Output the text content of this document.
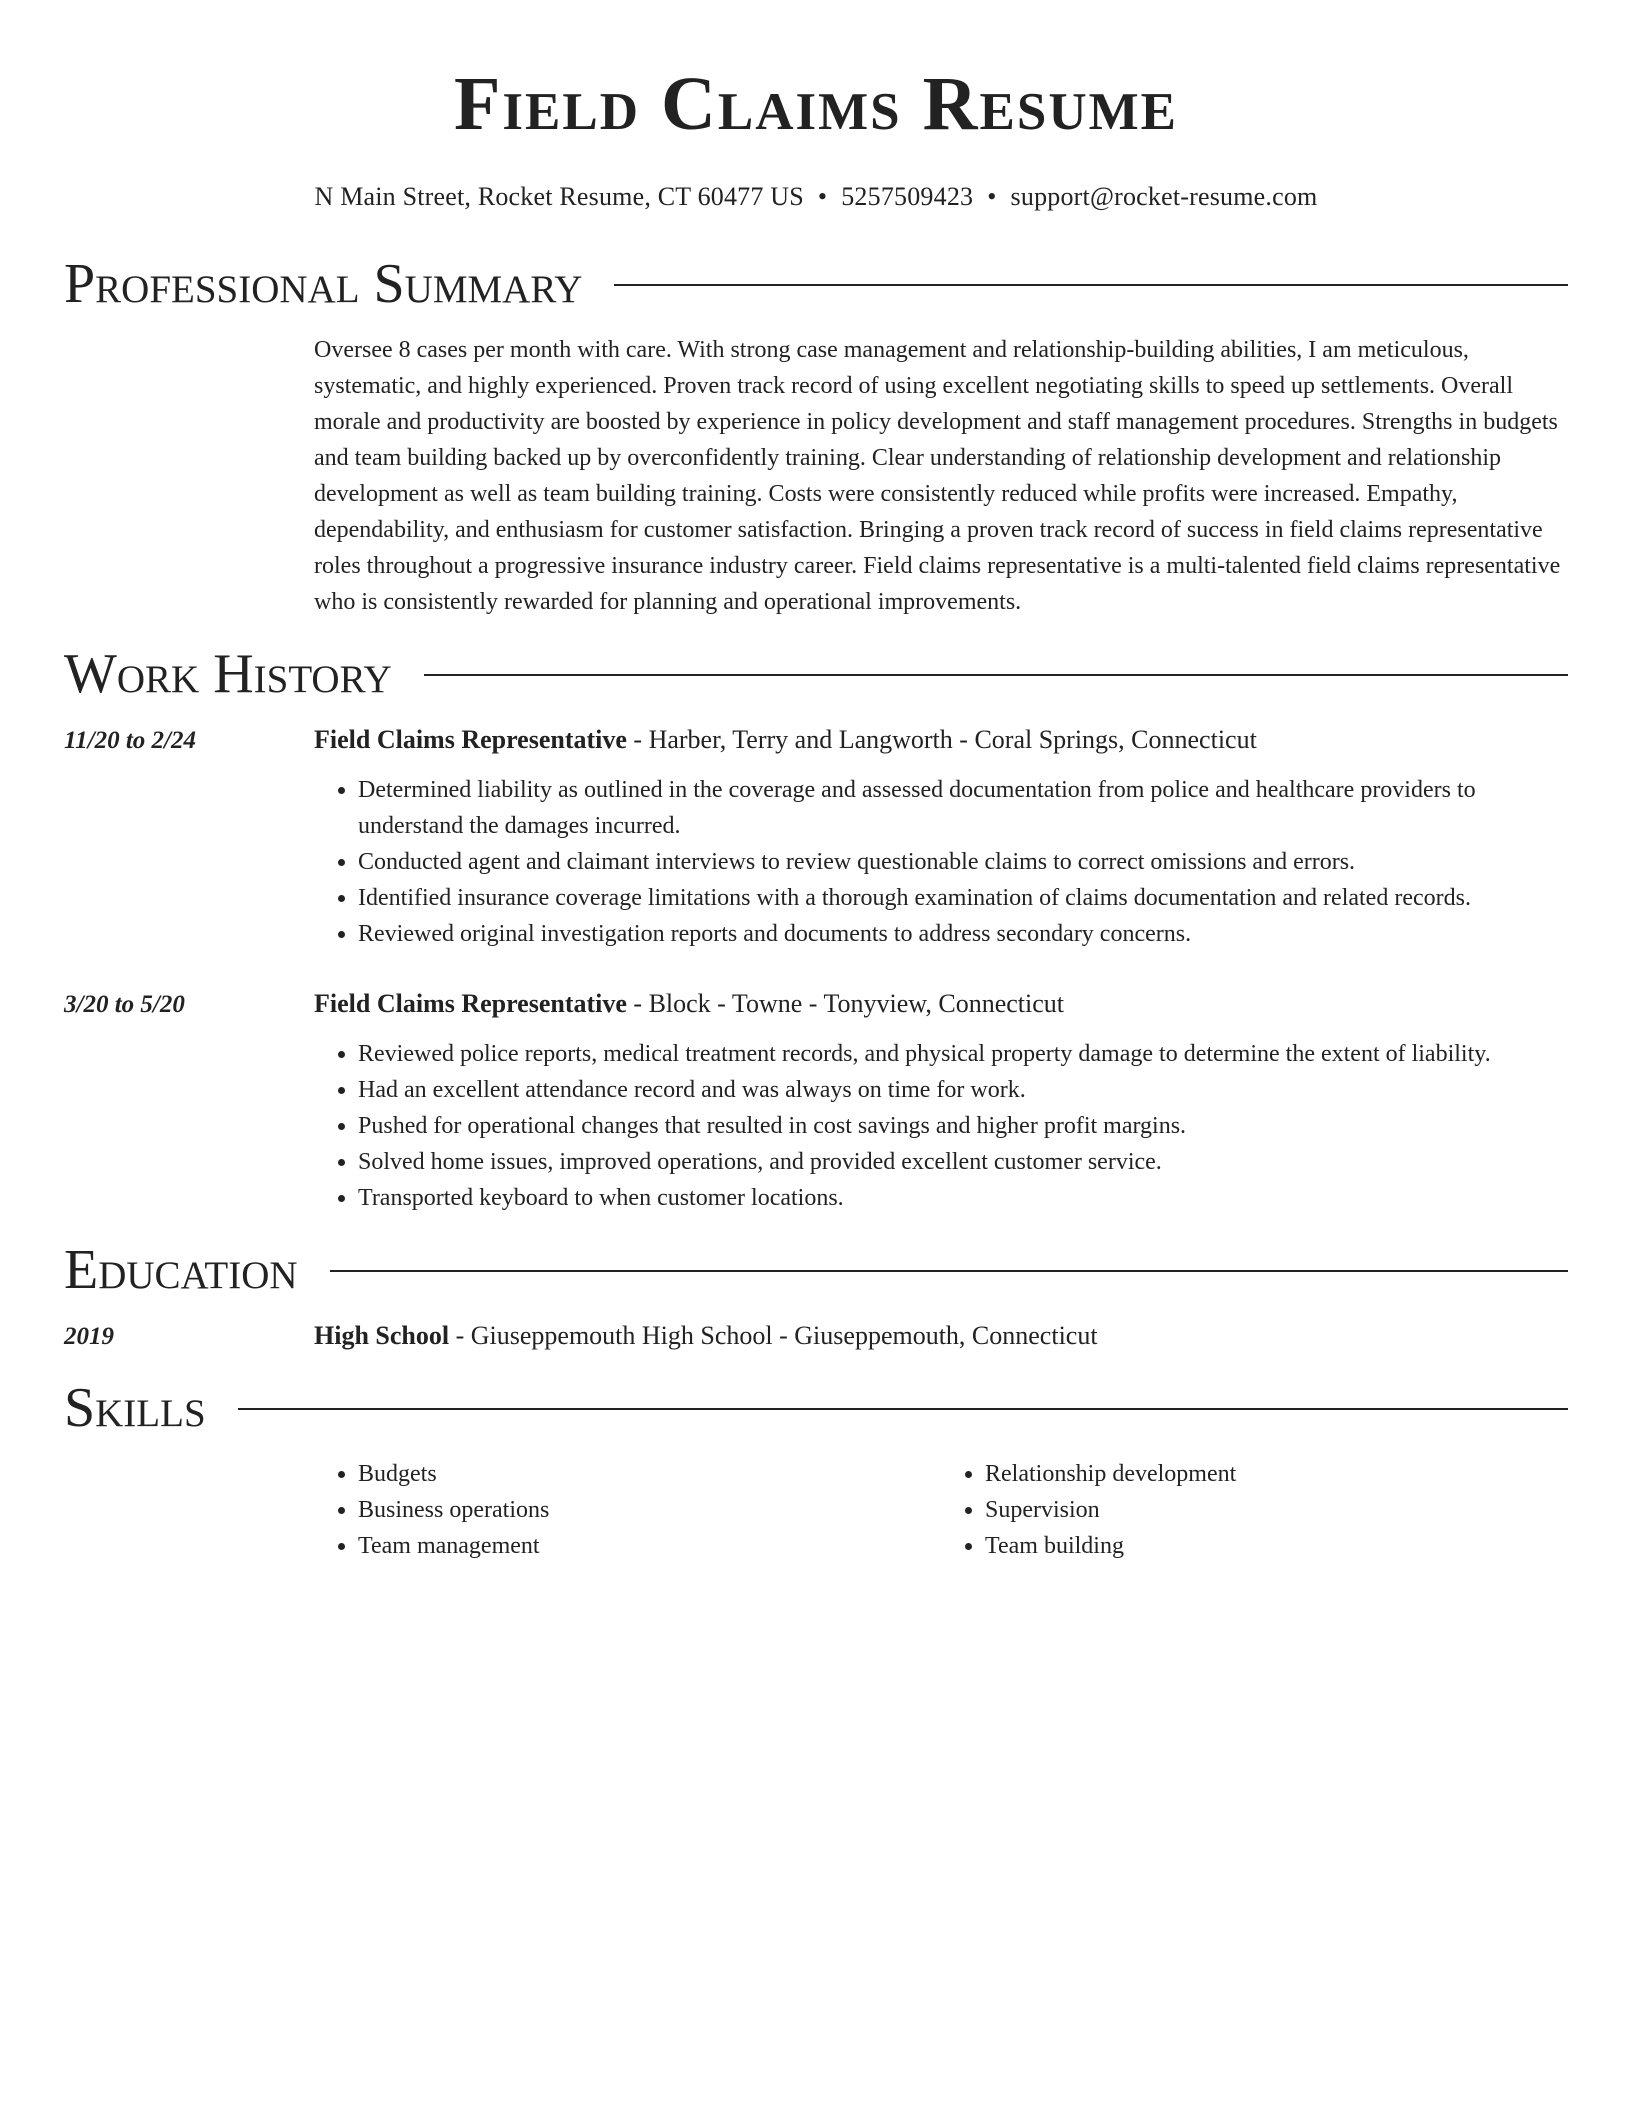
Field Claims Resume
N Main Street, Rocket Resume, CT 60477 US • 5257509423 • support@rocket-resume.com
Professional Summary
Oversee 8 cases per month with care. With strong case management and relationship-building abilities, I am meticulous, systematic, and highly experienced. Proven track record of using excellent negotiating skills to speed up settlements. Overall morale and productivity are boosted by experience in policy development and staff management procedures. Strengths in budgets and team building backed up by overconfidently training. Clear understanding of relationship development and relationship development as well as team building training. Costs were consistently reduced while profits were increased. Empathy, dependability, and enthusiasm for customer satisfaction. Bringing a proven track record of success in field claims representative roles throughout a progressive insurance industry career. Field claims representative is a multi-talented field claims representative who is consistently rewarded for planning and operational improvements.
Work History
11/20 to 2/24	Field Claims Representative - Harber, Terry and Langworth - Coral Springs, Connecticut
• Determined liability as outlined in the coverage and assessed documentation from police and healthcare providers to understand the damages incurred.
• Conducted agent and claimant interviews to review questionable claims to correct omissions and errors.
• Identified insurance coverage limitations with a thorough examination of claims documentation and related records.
• Reviewed original investigation reports and documents to address secondary concerns.
3/20 to 5/20	Field Claims Representative - Block - Towne - Tonyview, Connecticut
• Reviewed police reports, medical treatment records, and physical property damage to determine the extent of liability.
• Had an excellent attendance record and was always on time for work.
• Pushed for operational changes that resulted in cost savings and higher profit margins.
• Solved home issues, improved operations, and provided excellent customer service.
• Transported keyboard to when customer locations.
Education
2019	High School - Giuseppemouth High School - Giuseppemouth, Connecticut
Skills
• Budgets
• Business operations
• Team management
• Relationship development
• Supervision
• Team building
